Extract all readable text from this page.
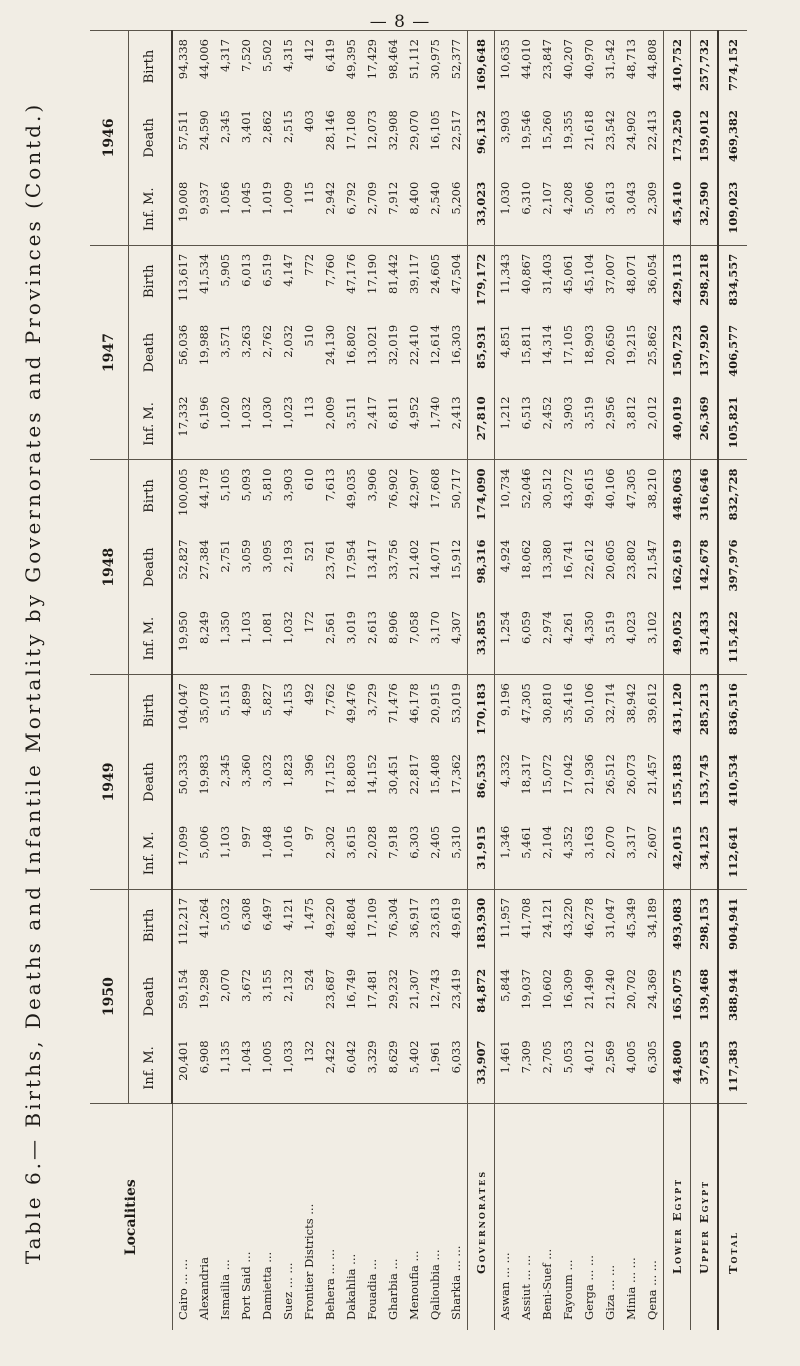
— 8 —
Table 6.— Births, Deaths and Infantile Mortality by Governorates and Provinces (Contd.)	Localities	1950			1949			1948			1947			1946		
	Inf. M.	Death	Birth	Inf. M.	Death	Birth	Inf. M.	Death	Birth	Inf. M.	Death	Birth	Inf. M.	Death	Birth
Cairo ... ...	20,401	59,154	112,217	17,099	50,333	104,047	19,950	52,827	100,005	17,332	56,036	113,617	19,008	57,511	94,338
Alexandria	6,908	19,298	41,264	5,006	19,983	35,078	8,249	27,384	44,178	6,196	19,988	41,534	9,937	24,590	44,006
Ismailia ...	1,135	2,070	5,032	1,103	2,345	5,151	1,350	2,751	5,105	1,020	3,571	5,905	1,056	2,345	4,317
Port Said ...	1,043	3,672	6,308	997	3,360	4,899	1,103	3,059	5,093	1,032	3,263	6,013	1,045	3,401	7,520
Damietta ...	1,005	3,155	6,497	1,048	3,032	5,827	1,081	3,095	5,810	1,030	2,762	6,519	1,019	2,862	5,502
Suez ... ...	1,033	2,132	4,121	1,016	1,823	4,153	1,032	2,193	3,903	1,023	2,032	4,147	1,009	2,515	4,315
Frontier Districts ...	132	524	1,475	97	396	492	172	521	610	113	510	772	115	403	412
Behera ... ...	2,422	23,687	49,220	2,302	17,152	7,762	2,561	23,761	7,613	2,009	24,130	7,760	2,942	28,146	6,419
Dakahlia ...	6,042	16,749	48,804	3,615	18,803	49,476	3,019	17,954	49,035	3,511	16,802	47,176	6,792	17,108	49,395
Fouadia ...	3,329	17,481	17,109	2,028	14,152	3,729	2,613	13,417	3,906	2,417	13,021	17,190	2,709	12,073	17,429
Gharbia ...	8,629	29,232	76,304	7,918	30,451	71,476	8,906	33,756	76,902	6,811	32,019	81,442	7,912	32,908	98,464
Menoufia ...	5,402	21,307	36,917	6,303	22,817	46,178	7,058	21,402	42,907	4,952	22,410	39,117	8,400	29,070	51,112
Qalioubia ...	1,961	12,743	23,613	2,405	15,408	20,915	3,170	14,071	17,608	1,740	12,614	24,605	2,540	16,105	30,975
Sharkia ... ...	6,033	23,419	49,619	5,310	17,362	53,019	4,307	15,912	50,717	2,413	16,303	47,504	5,206	22,517	52,377
Governorates	33,907	84,872	183,930	31,915	86,533	170,183	33,855	98,316	174,090	27,810	85,931	179,172	33,023	96,132	169,648
Aswan ... ...	1,461	5,844	11,957	1,346	4,332	9,196	1,254	4,924	10,734	1,212	4,851	11,343	1,030	3,903	10,635
Assiut ... ...	7,309	19,037	41,708	5,461	18,317	47,305	6,059	18,062	52,046	6,513	15,811	40,867	6,310	19,546	44,010
Beni-Suef ...	2,705	10,602	24,121	2,104	15,072	30,810	2,974	13,380	30,512	2,452	14,314	31,403	2,107	15,260	23,847
Fayoum ...	5,053	16,309	43,220	4,352	17,042	35,416	4,261	16,741	43,072	3,903	17,105	45,061	4,208	19,355	40,207
Gerga ... ...	4,012	21,490	46,278	3,163	21,936	50,106	4,350	22,612	49,615	3,519	18,903	45,104	5,006	21,618	40,970
Giza ... ...	2,569	21,240	31,047	2,070	26,512	32,714	3,519	20,605	40,106	2,956	20,650	37,007	3,613	23,542	31,542
Minia ... ...	4,005	20,702	45,349	3,317	26,073	38,942	4,023	23,802	47,305	3,812	19,215	48,071	3,043	24,902	48,713
Qena ... ...	6,305	24,369	34,189	2,607	21,457	39,612	3,102	21,547	38,210	2,012	25,862	36,054	2,309	22,413	44,808
Lower Egypt	44,800	165,075	493,083	42,015	155,183	431,120	49,052	162,619	448,063	40,019	150,723	429,113	45,410	173,250	410,752
Upper Egypt	37,655	139,468	298,153	34,125	153,745	285,213	31,433	142,678	316,646	26,369	137,920	298,218	32,590	159,012	257,732
Total	117,383	388,944	904,941	112,641	410,534	836,516	115,422	397,976	832,728	105,821	406,577	834,557	109,023	469,382	774,152
